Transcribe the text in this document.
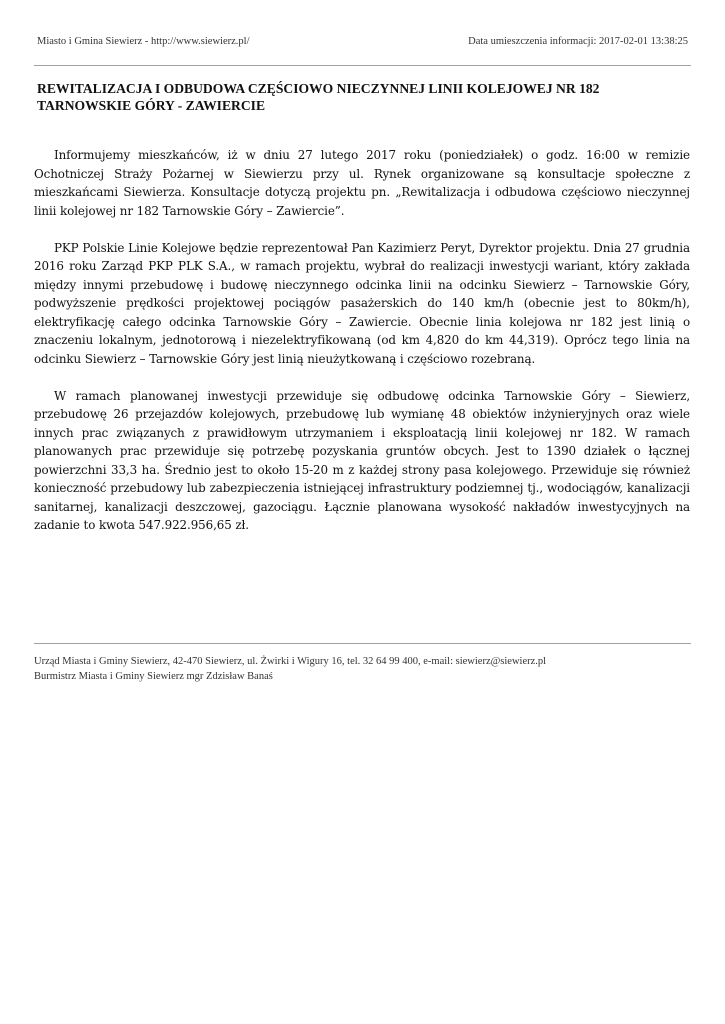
Miasto i Gmina Siewierz - http://www.siewierz.pl/	Data umieszczenia informacji: 2017-02-01 13:38:25
REWITALIZACJA I ODBUDOWA CZĘŚCIOWO NIECZYNNEJ LINII KOLEJOWEJ NR 182
TARNOWSKIE GÓRY - ZAWIERCIE

Informujemy mieszkańców, iż w dniu 27 lutego 2017 roku (poniedziałek) o godz. 16:00 w remizie Ochotniczej Straży Pożarnej w Siewierzu przy ul. Rynek organizowane są konsultacje społeczne z mieszkańcami Siewierza. Konsultacje dotyczą projektu pn. „Rewitalizacja i odbudowa częściowo nieczynnej linii kolejowej nr 182 Tarnowskie Góry – Zawiercie”.

PKP Polskie Linie Kolejowe będzie reprezentował Pan Kazimierz Peryt, Dyrektor projektu. Dnia 27 grudnia 2016 roku Zarząd PKP PLK S.A., w ramach projektu, wybrał do realizacji inwestycji wariant, który zakłada między innymi przebudowę i budowę nieczynnego odcinka linii na odcinku Siewierz – Tarnowskie Góry, podwyższenie prędkości projektowej pociągów pasażerskich do 140 km/h (obecnie jest to 80km/h), elektryfikację całego odcinka Tarnowskie Góry – Zawiercie. Obecnie linia kolejowa nr 182 jest linią o znaczeniu lokalnym, jednotorową i niezelektryfikowaną (od km 4,820 do km 44,319). Oprócz tego linia na odcinku Siewierz – Tarnowskie Góry jest linią nieużytkowaną i częściowo rozebraną.

W ramach planowanej inwestycji przewiduje się odbudowę odcinka Tarnowskie Góry – Siewierz, przebudowę 26 przejazdów kolejowych, przebudowę lub wymianę 48 obiektów inżynieryjnych oraz wiele innych prac związanych z prawidłowym utrzymaniem i eksploatacją linii kolejowej nr 182. W ramach planowanych prac przewiduje się potrzebę pozyskania gruntów obcych. Jest to 1390 działek o łącznej powierzchni 33,3 ha. Średnio jest to około 15-20 m z każdej strony pasa kolejowego. Przewiduje się również konieczność przebudowy lub zabezpieczenia istniejącej infrastruktury podziemnej tj., wodociągów, kanalizacji sanitarnej, kanalizacji deszczowej, gazociągu. Łącznie planowana wysokość nakładów inwestycyjnych na zadanie to kwota 547.922.956,65 zł.

Urząd Miasta i Gminy Siewierz, 42-470 Siewierz, ul. Żwirki i Wigury 16, tel. 32 64 99 400, e-mail: siewierz@siewierz.pl
Burmistrz Miasta i Gminy Siewierz mgr Zdzisław Banaś
